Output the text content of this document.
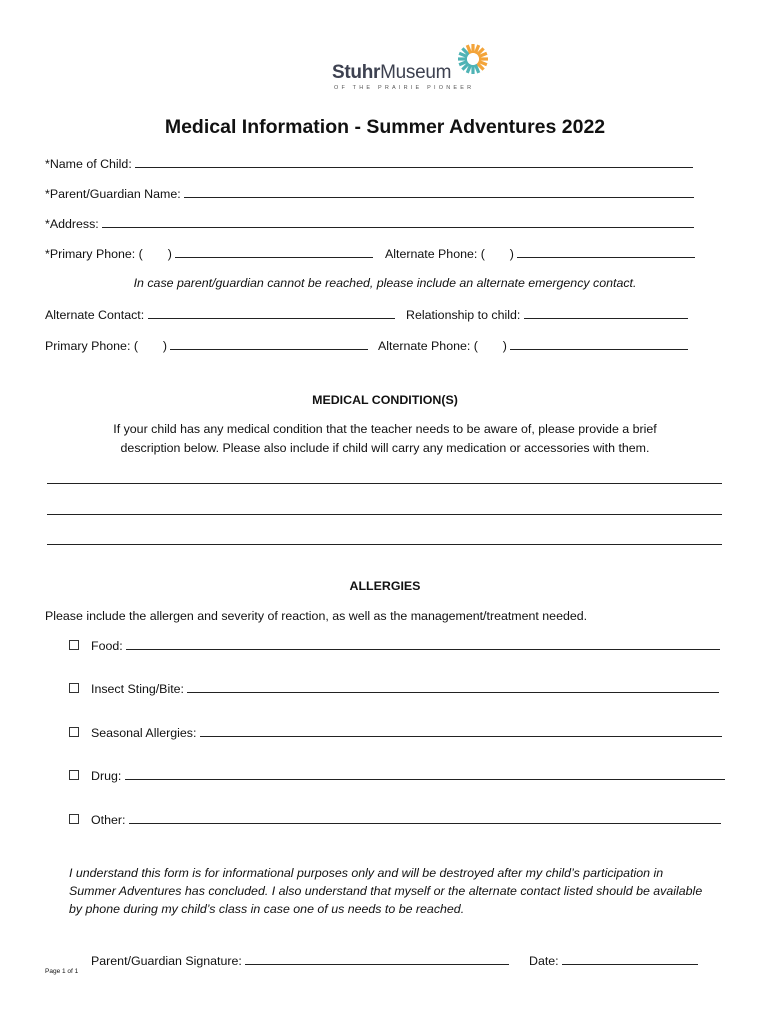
StuhrMuseum
OF THE PRAIRIE PIONEER
Medical Information - Summer Adventures 2022
*Name of Child:
*Parent/Guardian Name:
*Address:
*Primary Phone: ( )	Alternate Phone: ( )
In case parent/guardian cannot be reached, please include an alternate emergency contact.
Alternate Contact:	Relationship to child:
Primary Phone: ( )	Alternate Phone: ( )
MEDICAL CONDITION(S)
If your child has any medical condition that the teacher needs to be aware of, please provide a brief
description below. Please also include if child will carry any medication or accessories with them.
ALLERGIES
Please include the allergen and severity of reaction, as well as the management/treatment needed.
Food:
Insect Sting/Bite:
Seasonal Allergies:
Drug:
Other:
I understand this form is for informational purposes only and will be destroyed after my child’s participation in
Summer Adventures has concluded. I also understand that myself or the alternate contact listed should be available
by phone during my child’s class in case one of us needs to be reached.
Parent/Guardian Signature:	Date:
Page 1 of 1
